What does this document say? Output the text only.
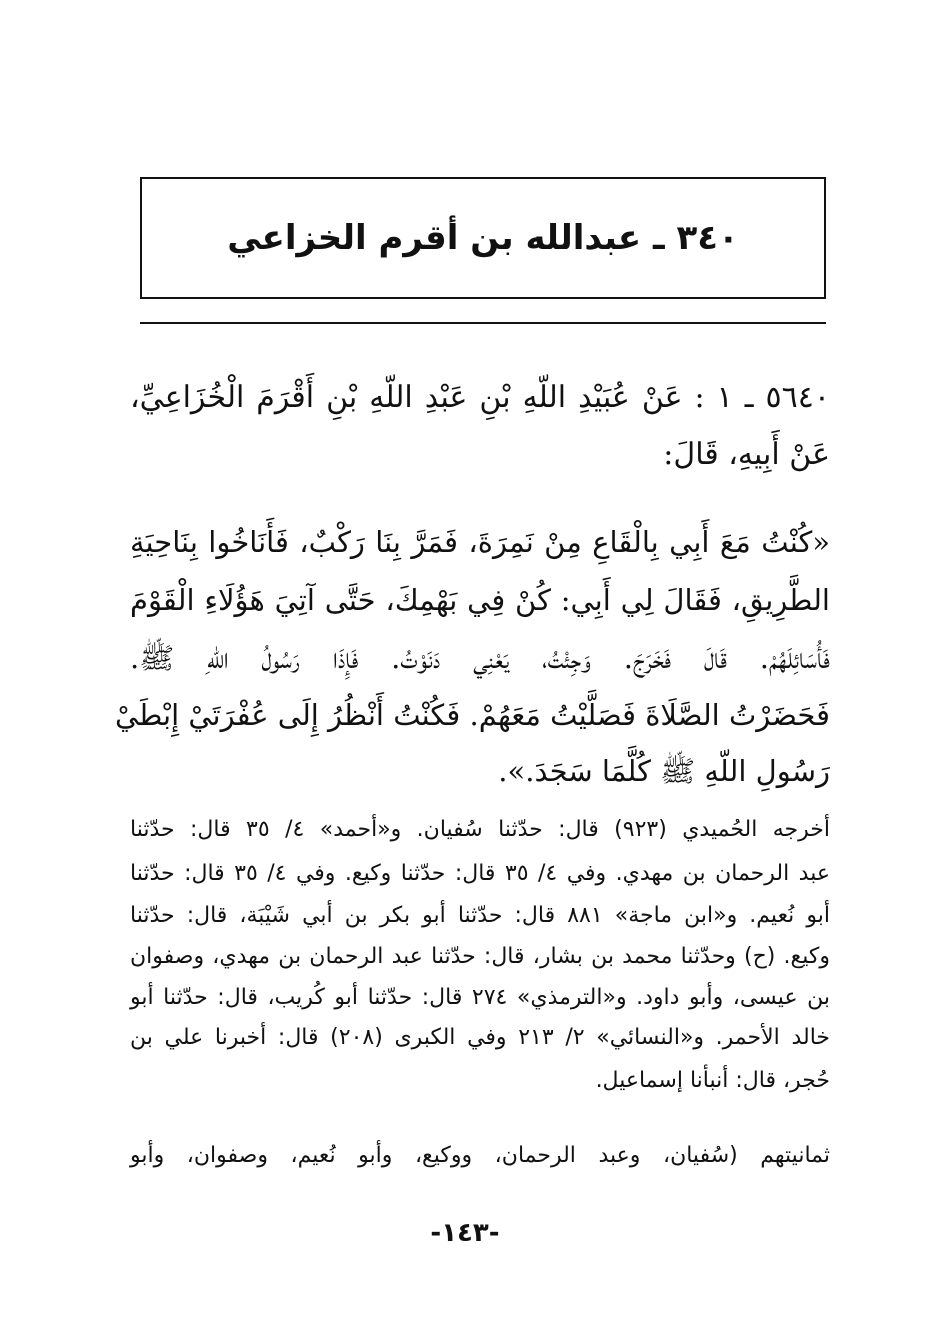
٣٤٠ ـ عبدالله بن أقرم الخزاعي
٥٦٤٠ ـ ١ : عَنْ عُبَيْدِ اللّهِ بْنِ عَبْدِ اللّهِ بْنِ أَقْرَمَ الْخُزَاعِيِّ،
عَنْ أَبِيهِ، قَالَ:
«كُنْتُ مَعَ أَبِي بِالْقَاعِ مِنْ نَمِرَةَ، فَمَرَّ بِنَا رَكْبٌ، فَأَنَاخُوا بِنَاحِيَةِ
الطَّرِيقِ، فَقَالَ لِي أَبِي: كُنْ فِي بَهْمِكَ، حَتَّى آتِيَ هَؤُلَاءِ الْقَوْمَ
فَأُسَائِلَهُمْ. قَالَ فَخَرَجَ. وَجِئْتُ، يَعْنِي دَنَوْتُ. فَإِذَا رَسُولُ اللّهِ ﷺ.
فَحَضَرْتُ الصَّلَاةَ فَصَلَّيْتُ مَعَهُمْ. فَكُنْتُ أَنْظُرُ إِلَى عُفْرَتَيْ إِبْطَيْ
رَسُولِ اللّهِ ﷺ كُلَّمَا سَجَدَ.».
أخرجه الحُميدي (٩٢٣) قال: حدّثنا سُفيان. و«أحمد» ٤/ ٣٥ قال: حدّثنا
عبد الرحمان بن مهدي. وفي ٤/ ٣٥ قال: حدّثنا وكيع. وفي ٤/ ٣٥ قال: حدّثنا
أبو نُعيم. و«ابن ماجة» ٨٨١ قال: حدّثنا أبو بكر بن أبي شَيْبَة، قال: حدّثنا
وكيع. (ح) وحدّثنا محمد بن بشار، قال: حدّثنا عبد الرحمان بن مهدي، وصفوان
بن عيسى، وأبو داود. و«الترمذي» ٢٧٤ قال: حدّثنا أبو كُريب، قال: حدّثنا أبو
خالد الأحمر. و«النسائي» ٢/ ٢١٣ وفي الكبرى (٢٠٨) قال: أخبرنا علي بن
حُجر، قال: أنبأنا إسماعيل.
ثمانيتهم (سُفيان، وعبد الرحمان، ووكيع، وأبو نُعيم، وصفوان، وأبو
-١٤٣-
